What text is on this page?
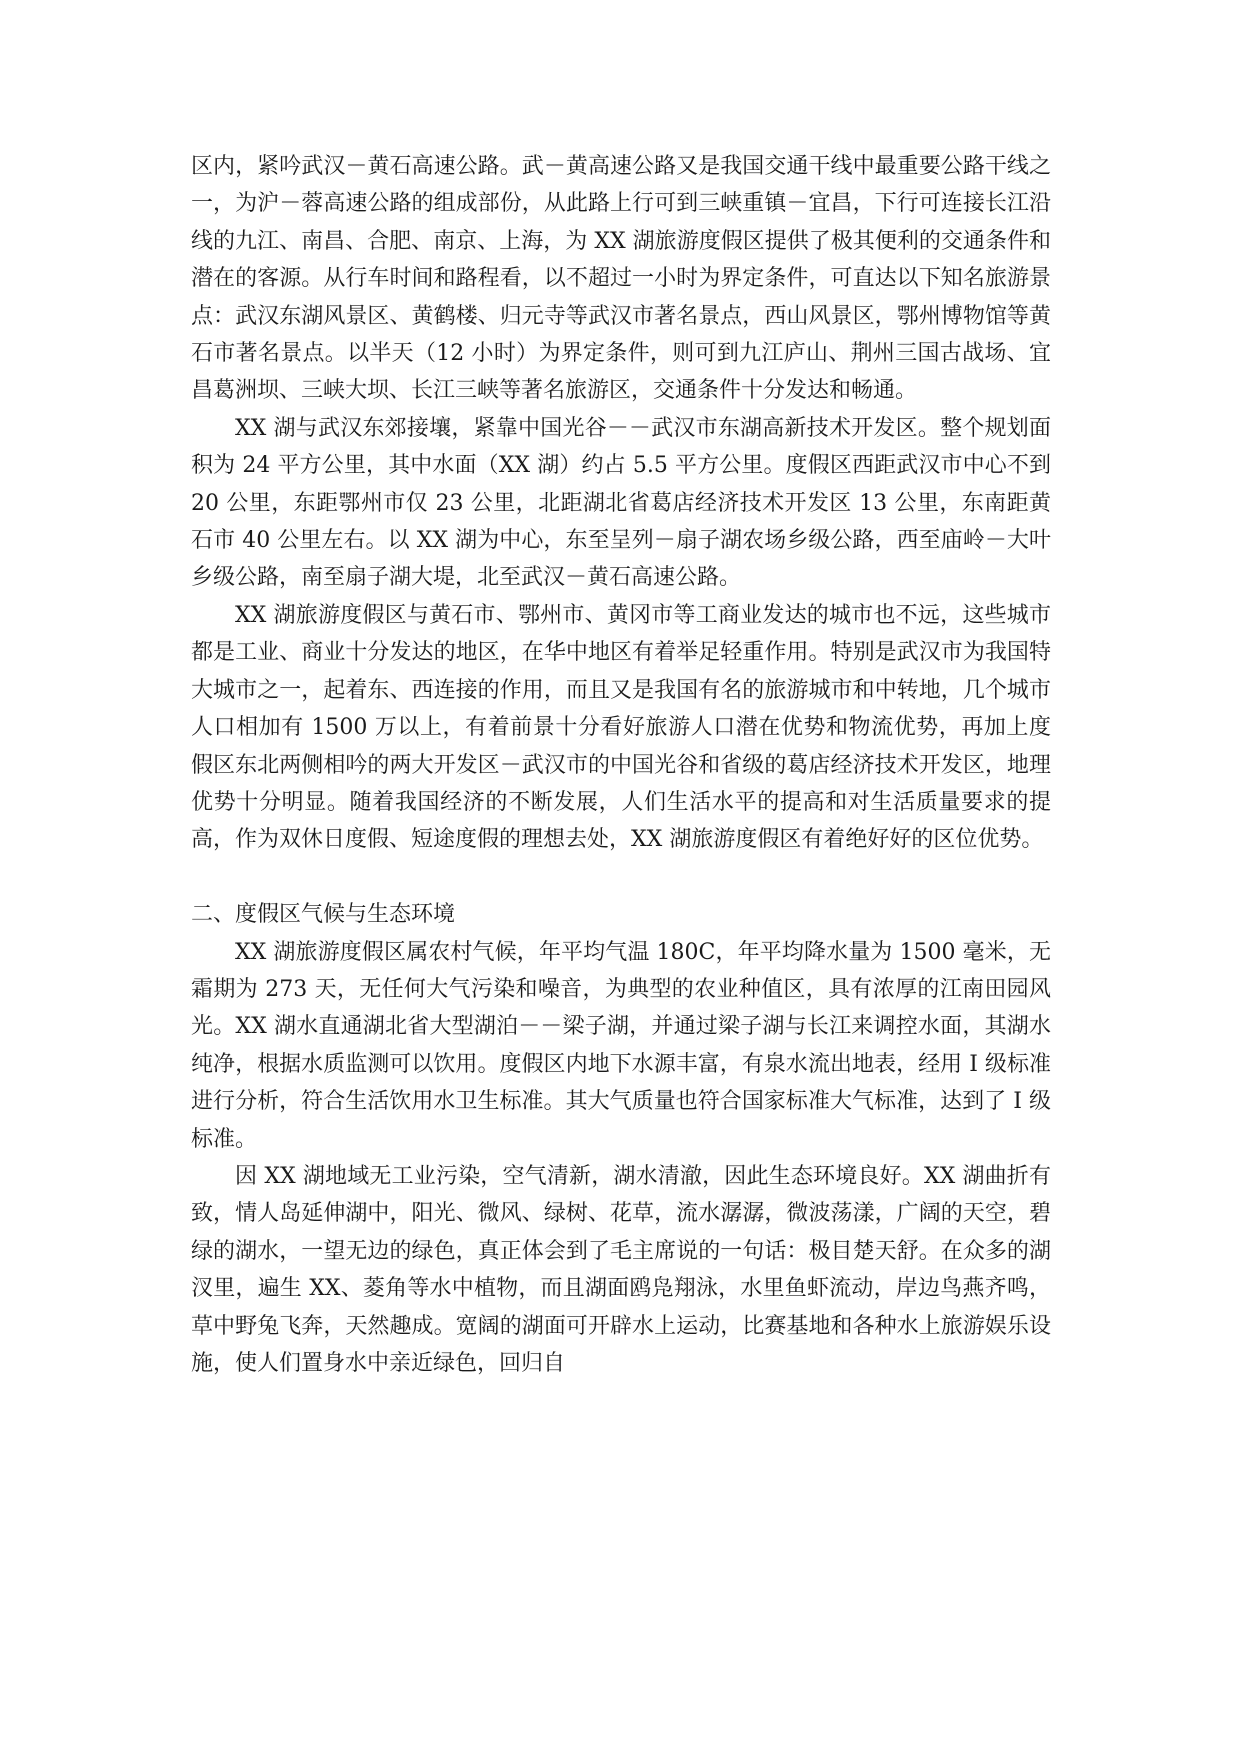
区内，紧吟武汉－黄石高速公路。武－黄高速公路又是我国交通干线中最重要公路干线之一，为沪－蓉高速公路的组成部份，从此路上行可到三峡重镇－宜昌，下行可连接长江沿线的九江、南昌、合肥、南京、上海，为 XX 湖旅游度假区提供了极其便利的交通条件和潜在的客源。从行车时间和路程看，以不超过一小时为界定条件，可直达以下知名旅游景点：武汉东湖风景区、黄鹤楼、归元寺等武汉市著名景点，西山风景区，鄂州博物馆等黄石市著名景点。以半天（12 小时）为界定条件，则可到九江庐山、荆州三国古战场、宜昌葛洲坝、三峡大坝、长江三峡等著名旅游区，交通条件十分发达和畅通。

XX 湖与武汉东郊接壤，紧靠中国光谷－－武汉市东湖高新技术开发区。整个规划面积为 24 平方公里，其中水面（XX 湖）约占 5.5 平方公里。度假区西距武汉市中心不到 20 公里，东距鄂州市仅 23 公里，北距湖北省葛店经济技术开发区 13 公里，东南距黄石市 40 公里左右。以 XX 湖为中心，东至呈列－扇子湖农场乡级公路，西至庙岭－大叶乡级公路，南至扇子湖大堤，北至武汉－黄石高速公路。

XX 湖旅游度假区与黄石市、鄂州市、黄冈市等工商业发达的城市也不远，这些城市都是工业、商业十分发达的地区，在华中地区有着举足轻重作用。特别是武汉市为我国特大城市之一，起着东、西连接的作用，而且又是我国有名的旅游城市和中转地，几个城市人口相加有 1500 万以上，有着前景十分看好旅游人口潜在优势和物流优势，再加上度假区东北两侧相吟的两大开发区－武汉市的中国光谷和省级的葛店经济技术开发区，地理优势十分明显。随着我国经济的不断发展，人们生活水平的提高和对生活质量要求的提高，作为双休日度假、短途度假的理想去处，XX 湖旅游度假区有着绝好好的区位优势。

二、度假区气候与生态环境

XX 湖旅游度假区属农村气候，年平均气温 180C，年平均降水量为 1500 毫米，无霜期为 273 天，无任何大气污染和噪音，为典型的农业种值区，具有浓厚的江南田园风光。XX 湖水直通湖北省大型湖泊－－梁子湖，并通过梁子湖与长江来调控水面，其湖水纯净，根据水质监测可以饮用。度假区内地下水源丰富，有泉水流出地表，经用 I 级标准进行分析，符合生活饮用水卫生标准。其大气质量也符合国家标准大气标准，达到了 I 级标准。

因 XX 湖地域无工业污染，空气清新，湖水清澈，因此生态环境良好。XX 湖曲折有致，情人岛延伸湖中，阳光、微风、绿树、花草，流水潺潺，微波荡漾，广阔的天空，碧绿的湖水，一望无边的绿色，真正体会到了毛主席说的一句话：极目楚天舒。在众多的湖汊里，遍生 XX、菱角等水中植物，而且湖面鸥凫翔泳，水里鱼虾流动，岸边鸟燕齐鸣，草中野兔飞奔，天然趣成。宽阔的湖面可开辟水上运动，比赛基地和各种水上旅游娱乐设施，使人们置身水中亲近绿色，回归自
